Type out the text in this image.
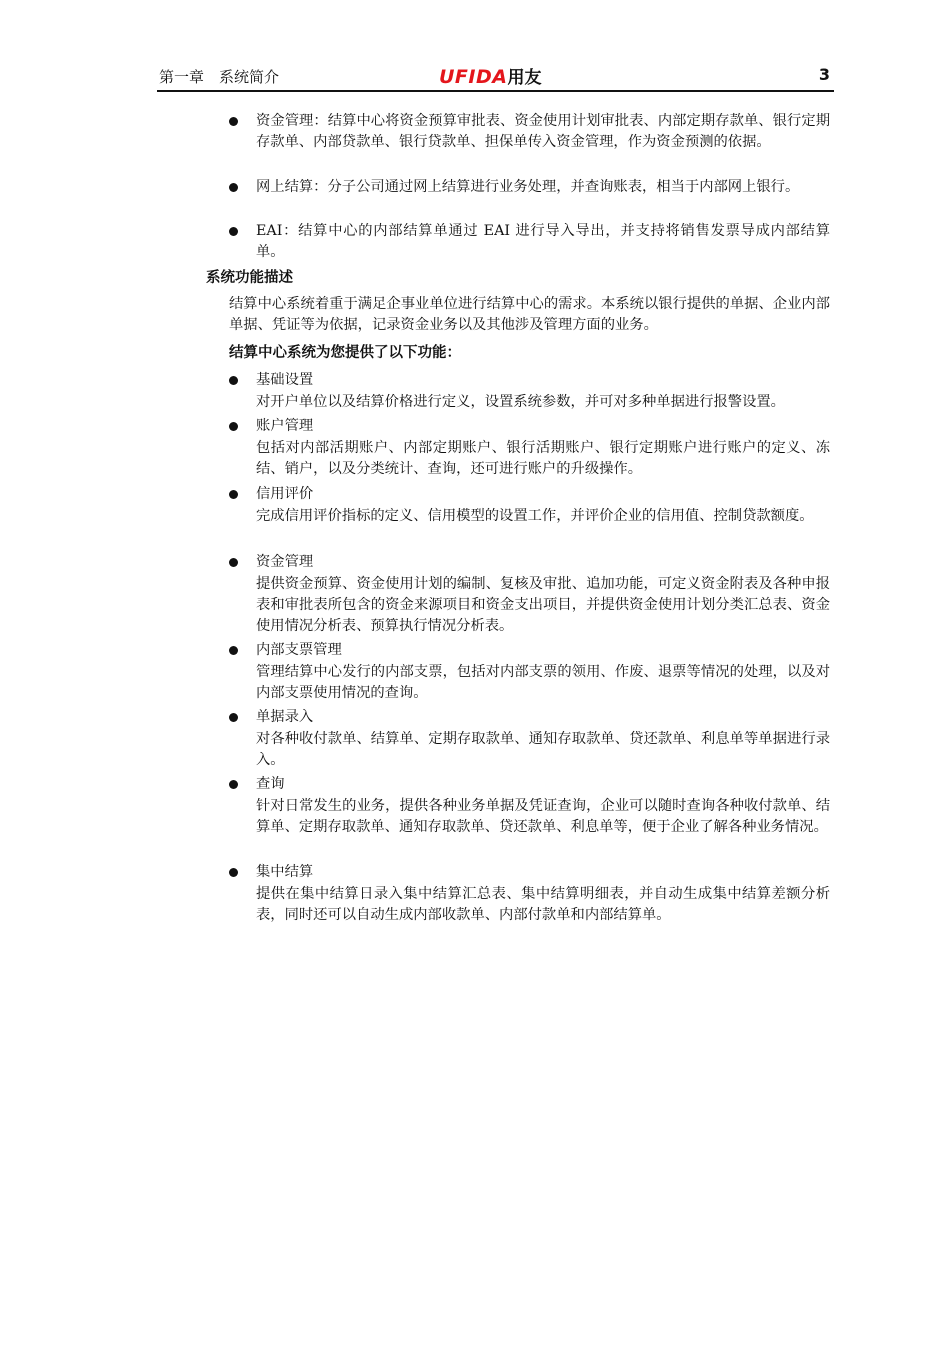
第一章　系统简介	UFIDA用友	3
资金管理：结算中心将资金预算审批表、资金使用计划审批表、内部定期存款单、银行定期存款单、内部贷款单、银行贷款单、担保单传入资金管理，作为资金预测的依据。
网上结算：分子公司通过网上结算进行业务处理，并查询账表，相当于内部网上银行。
EAI：结算中心的内部结算单通过 EAI 进行导入导出，并支持将销售发票导成内部结算单。
系统功能描述
结算中心系统着重于满足企事业单位进行结算中心的需求。本系统以银行提供的单据、企业内部单据、凭证等为依据，记录资金业务以及其他涉及管理方面的业务。
结算中心系统为您提供了以下功能：
基础设置
对开户单位以及结算价格进行定义，设置系统参数，并可对多种单据进行报警设置。
账户管理
包括对内部活期账户、内部定期账户、银行活期账户、银行定期账户进行账户的定义、冻结、销户，以及分类统计、查询，还可进行账户的升级操作。
信用评价
完成信用评价指标的定义、信用模型的设置工作，并评价企业的信用值、控制贷款额度。
资金管理
提供资金预算、资金使用计划的编制、复核及审批、追加功能，可定义资金附表及各种申报表和审批表所包含的资金来源项目和资金支出项目，并提供资金使用计划分类汇总表、资金使用情况分析表、预算执行情况分析表。
内部支票管理
管理结算中心发行的内部支票，包括对内部支票的领用、作废、退票等情况的处理，以及对内部支票使用情况的查询。
单据录入
对各种收付款单、结算单、定期存取款单、通知存取款单、贷还款单、利息单等单据进行录入。
查询
针对日常发生的业务，提供各种业务单据及凭证查询，企业可以随时查询各种收付款单、结算单、定期存取款单、通知存取款单、贷还款单、利息单等，便于企业了解各种业务情况。
集中结算
提供在集中结算日录入集中结算汇总表、集中结算明细表，并自动生成集中结算差额分析表，同时还可以自动生成内部收款单、内部付款单和内部结算单。
